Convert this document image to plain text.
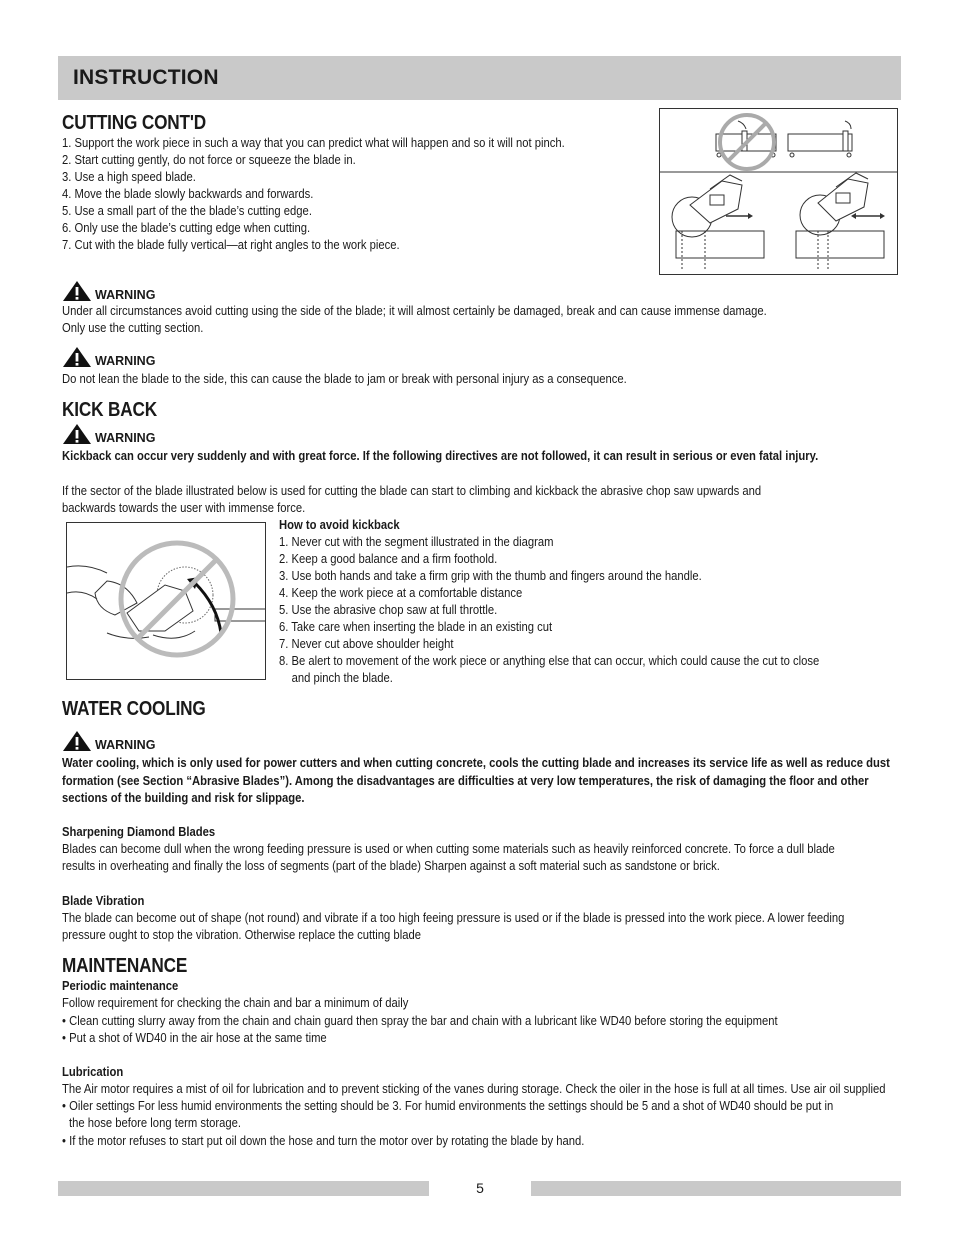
INSTRUCTION
CUTTING CONT'D
1. Support the work piece in such a way that you can predict what will happen and so it will not pinch.
2. Start cutting gently, do not force or squeeze the blade in.
3. Use a high speed blade.
4. Move the blade slowly backwards and forwards.
5. Use a small part of the the blade’s cutting edge.
6. Only use the blade’s cutting edge when cutting.
7. Cut with the blade fully vertical—at right angles to the work piece.
WARNING
Under all circumstances avoid cutting using the side of the blade; it will almost certainly be damaged, break and can cause immense damage.
Only use the cutting section.
WARNING
Do not lean the blade to the side, this can cause the blade to jam or break with personal injury as a consequence.
KICK BACK
WARNING
Kickback can occur very suddenly and with great force. If the following directives are not followed, it can result in serious or even fatal injury.
If the sector of the blade illustrated below is used for cutting the blade can start to climbing and kickback the abrasive chop saw upwards and
backwards towards the user with immense force.
How to avoid kickback
1. Never cut with the segment illustrated in the diagram
2. Keep a good balance and a firm foothold.
3. Use both hands and take a firm grip with the thumb and fingers around the handle.
4. Keep the work piece at a comfortable distance
5. Use the abrasive chop saw at full throttle.
6. Take care when inserting the blade in an existing cut
7. Never cut above shoulder height
8. Be alert to movement of the work piece or anything else that can occur, which could cause the cut to close
and pinch the blade.
WATER COOLING
WARNING
Water cooling, which is only used for power cutters and when cutting concrete, cools the cutting blade and increases its service life as well as reduce dust
formation (see Section “Abrasive Blades”). Among the disadvantages are difficulties at very low temperatures, the risk of damaging the floor and other
sections of the building and risk for slippage.
Sharpening Diamond Blades
Blades can become dull when the wrong feeding pressure is used or when cutting some materials such as heavily reinforced concrete. To force a dull blade
results in overheating and finally the loss of segments (part of the blade) Sharpen against a soft material such as sandstone or brick.
Blade Vibration
The blade can become out of shape (not round) and vibrate if a too high feeing pressure is used or if the blade is pressed into the work piece. A lower feeding
pressure ought to stop the vibration. Otherwise replace the cutting blade
MAINTENANCE
Periodic maintenance
Follow requirement for checking the chain and bar a minimum of daily
• Clean cutting slurry away from the chain and chain guard then spray the bar and chain with a lubricant like WD40 before storing the equipment
• Put a shot of WD40 in the air hose at the same time
Lubrication
The Air motor requires a mist of oil for lubrication and to prevent sticking of the vanes during storage. Check the oiler in the hose is full at all times. Use air oil supplied
• Oiler settings For less humid environments the setting should be 3. For humid environments the settings should be 5 and a shot of WD40 should be put in
the hose before long term storage.
• If the motor refuses to start put oil down the hose and turn the motor over by rotating the blade by hand.
5
